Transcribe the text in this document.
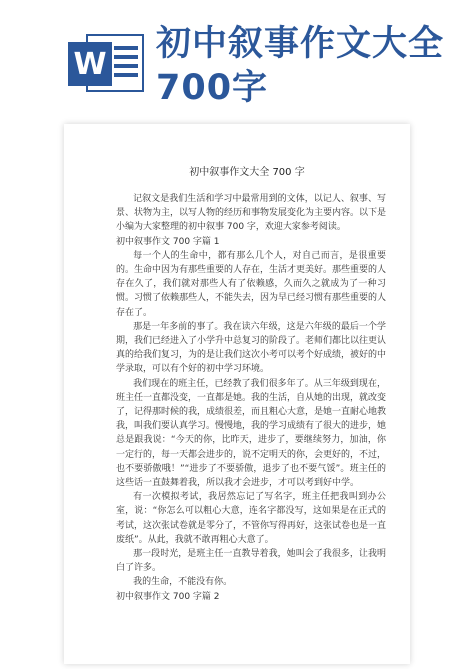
W 初中叙事作文大全
700字
初中叙事作文大全 700 字

记叙文是我们生活和学习中最常用到的文体，以记人、叙事、写景、状物为主，以写人物的经历和事物发展变化为主要内容。以下是小编为大家整理的初中叙事 700 字，欢迎大家参考阅读。

初中叙事作文 700 字篇 1

每一个人的生命中，都有那么几个人，对自己而言，是很重要的。生命中因为有那些重要的人存在，生活才更美好。那些重要的人存在久了，我们就对那些人有了依赖感，久而久之就成为了一种习惯。习惯了依赖那些人，不能失去，因为早已经习惯有那些重要的人存在了。

那是一年多前的事了。我在读六年级，这是六年级的最后一个学期，我们已经进入了小学升中总复习的阶段了。老师们都比以往更认真的给我们复习，为的是让我们这次小考可以考个好成绩，被好的中学录取，可以有个好的初中学习环境。

我们现在的班主任，已经教了我们很多年了。从三年级到现在，班主任一直都没变，一直都是她。我的生活，自从她的出现，就改变了，记得那时候的我，成绩很差，而且粗心大意，是她一直耐心地教我，叫我们要认真学习。慢慢地，我的学习成绩有了很大的进步，她总是跟我说：“今天的你，比昨天，进步了，要继续努力，加油，你一定行的，每一天都会进步的，说不定明天的你，会更好的，不过，也不要骄傲哦！”“进步了不要骄傲，退步了也不要气馁”。班主任的这些话一直鼓舞着我，所以我才会进步，才可以考到好中学。

有一次模拟考试，我居然忘记了写名字，班主任把我叫到办公室，说：“你怎么可以粗心大意，连名字都没写，这如果是在正式的考试，这次张试卷就是零分了，不管你写得再好，这张试卷也是一直废纸”。从此，我就不敢再粗心大意了。

那一段时光，是班主任一直教导着我，她叫会了我很多，让我明白了许多。

我的生命，不能没有你。

初中叙事作文 700 字篇 2
